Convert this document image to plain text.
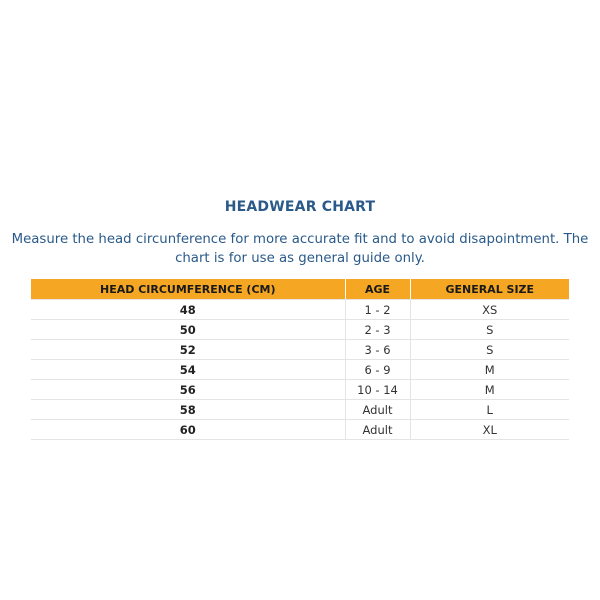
HEADWEAR CHART
Measure the head circunference for more accurate fit and to avoid disapointment. The chart is for use as general guide only.
HEAD CIRCUMFERENCE (CM)	AGE	GENERAL SIZE
48	1 - 2	XS
50	2 - 3	S
52	3 - 6	S
54	6 - 9	M
56	10 - 14	M
58	Adult	L
60	Adult	XL
